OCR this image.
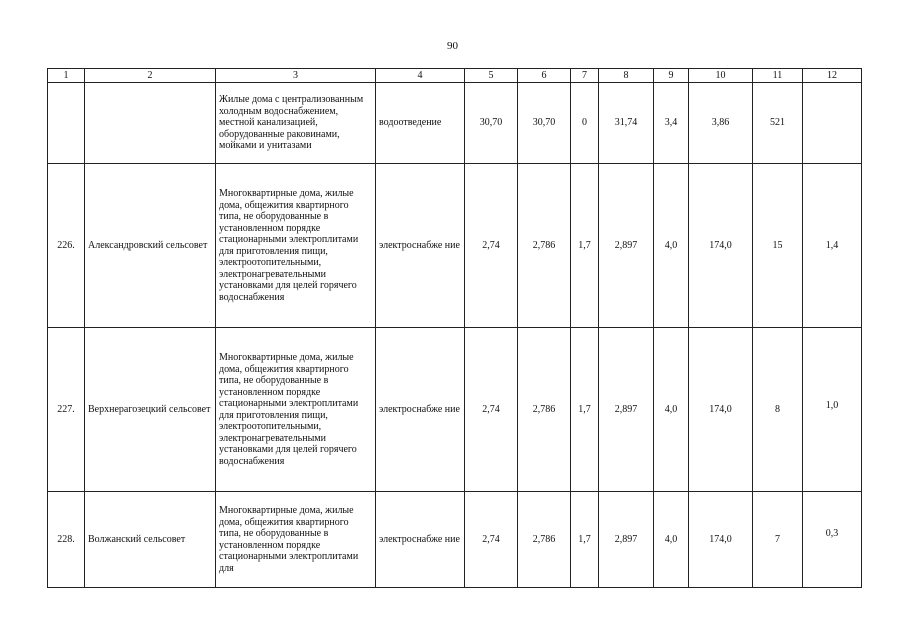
90
1	2	3	4	5	6	7	8	9	10	11	12
		Жилые дома с централизованным холодным водоснабжением, местной канализацией, оборудованные раковинами, мойками и унитазами	водоотведение	30,70	30,70	0	31,74	3,4	3,86	521	
226.	Александровский сельсовет	Многоквартирные дома, жилые дома, общежития квартирного типа, не оборудованные в установленном порядке стационарными электроплитами для приготовления пищи, электроотопительными, электронагревательными установками для целей горячего водоснабжения	электроснабже ние	2,74	2,786	1,7	2,897	4,0	174,0	15	1,4
227.	Верхнерагозецкий сельсовет	Многоквартирные дома, жилые дома, общежития квартирного типа, не оборудованные в установленном порядке стационарными электроплитами для приготовления пищи, электроотопительными, электронагревательными установками для целей горячего водоснабжения	электроснабже ние	2,74	2,786	1,7	2,897	4,0	174,0	8	1,0
228.	Волжанский сельсовет	Многоквартирные дома, жилые дома, общежития квартирного типа, не оборудованные в установленном порядке стационарными электроплитами для	электроснабже ние	2,74	2,786	1,7	2,897	4,0	174,0	7	0,3
